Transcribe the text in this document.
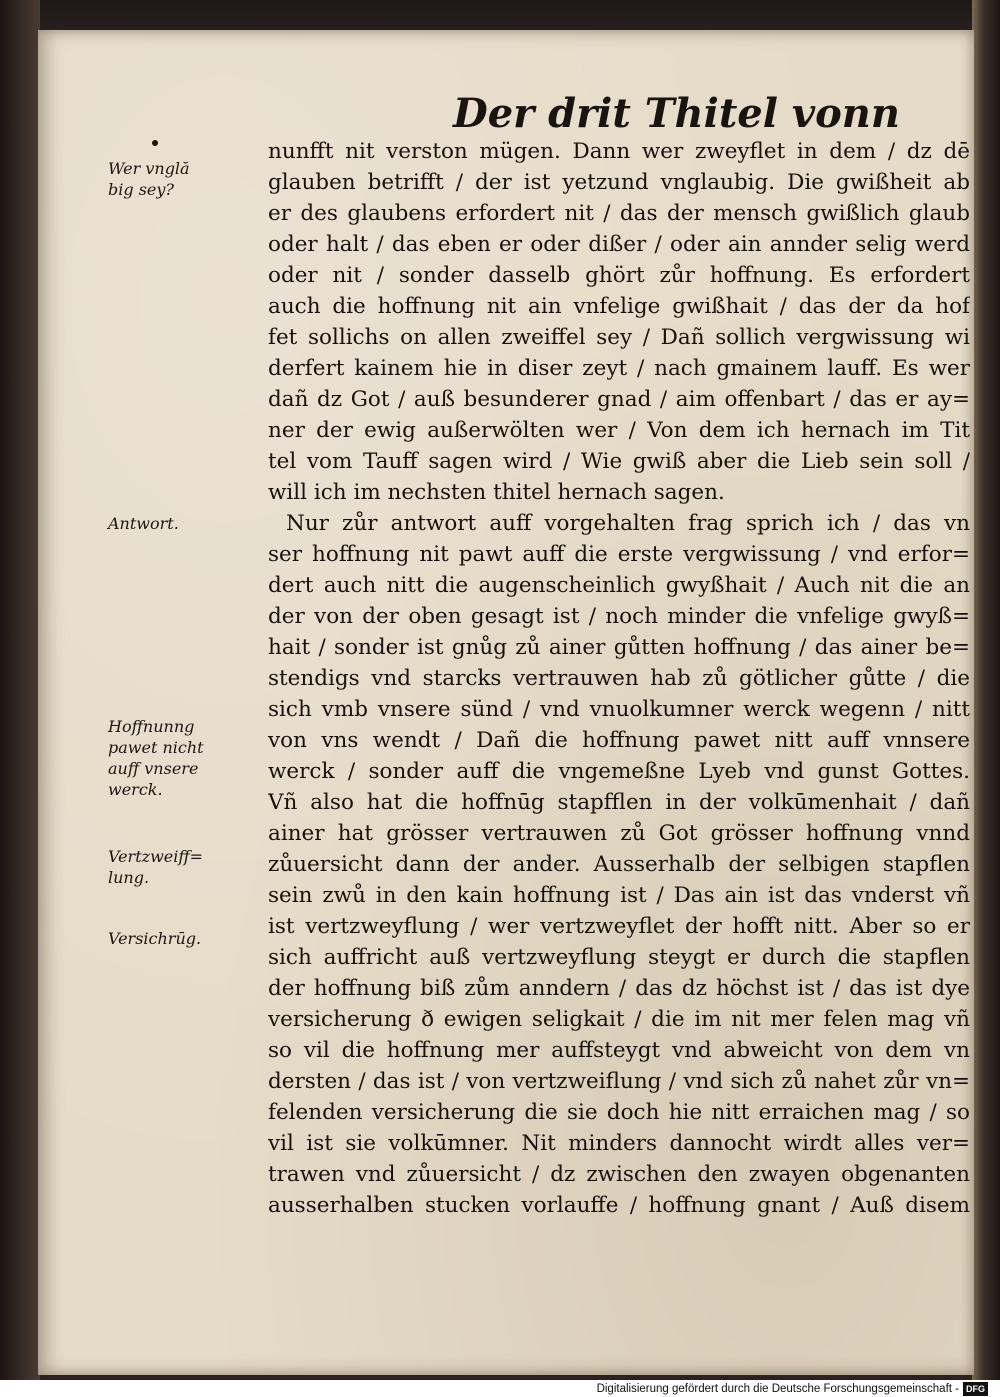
Der drit Thitel vonn
Wer vnglă
big sey?
Antwort.
Hoffnunng
pawet nicht
auff vnsere
werck.
Vertzweiff=
lung.
Versichrūg.
nunfft nit verston mügen. Dann wer zweyflet in dem / dz dē
glauben betrifft / der ist yetzund vnglaubig. Die gwißheit ab
er des glaubens erfordert nit / das der mensch gwißlich glaub
oder halt / das eben er oder dißer / oder ain annder selig werd
oder nit / sonder dasselb ghört zůr hoffnung. Es erfordert
auch die hoffnung nit ain vnfelige gwißhait / das der da hof
fet sollichs on allen zweiffel sey / Dañ sollich vergwissung wi
derfert kainem hie in diser zeyt / nach gmainem lauff. Es wer
dañ dz Got / auß besunderer gnad / aim offenbart / das er ay=
ner der ewig außerwölten wer / Von dem ich hernach im Tit
tel vom Tauff sagen wird / Wie gwiß aber die Lieb sein soll /
will ich im nechsten thitel hernach sagen.
Nur zůr antwort auff vorgehalten frag sprich ich / das vn
ser hoffnung nit pawt auff die erste vergwissung / vnd erfor=
dert auch nitt die augenscheinlich gwyßhait / Auch nit die an
der von der oben gesagt ist / noch minder die vnfelige gwyß=
hait / sonder ist gnůg zů ainer gůtten hoffnung / das ainer be=
stendigs vnd starcks vertrauwen hab zů götlicher gůtte / die
sich vmb vnsere sünd / vnd vnuolkumner werck wegenn / nitt
von vns wendt / Dañ die hoffnung pawet nitt auff vnnsere
werck / sonder auff die vngemeßne Lyeb vnd gunst Gottes.
Vñ also hat die hoffnūg stapfflen in der volkūmenhait / dañ
ainer hat grösser vertrauwen zů Got grösser hoffnung vnnd
zůuersicht dann der ander. Ausserhalb der selbigen stapflen
sein zwů in den kain hoffnung ist / Das ain ist das vnderst vñ
ist vertzweyflung / wer vertzweyflet der hofft nitt. Aber so er
sich auffricht auß vertzweyflung steygt er durch die stapflen
der hoffnung biß zům anndern / das dz höchst ist / das ist dye
versicherung ð ewigen seligkait / die im nit mer felen mag vñ
so vil die hoffnung mer auffsteygt vnd abweicht von dem vn
dersten / das ist / von vertzweiflung / vnd sich zů nahet zůr vn=
felenden versicherung die sie doch hie nitt erraichen mag / so
vil ist sie volkūmner. Nit minders dannocht wirdt alles ver=
trawen vnd zůuersicht / dz zwischen den zwayen obgenanten
ausserhalben stucken vorlauffe / hoffnung gnant / Auß disem
Digitalisierung gefördert durch die Deutsche Forschungsgemeinschaft - DFG
